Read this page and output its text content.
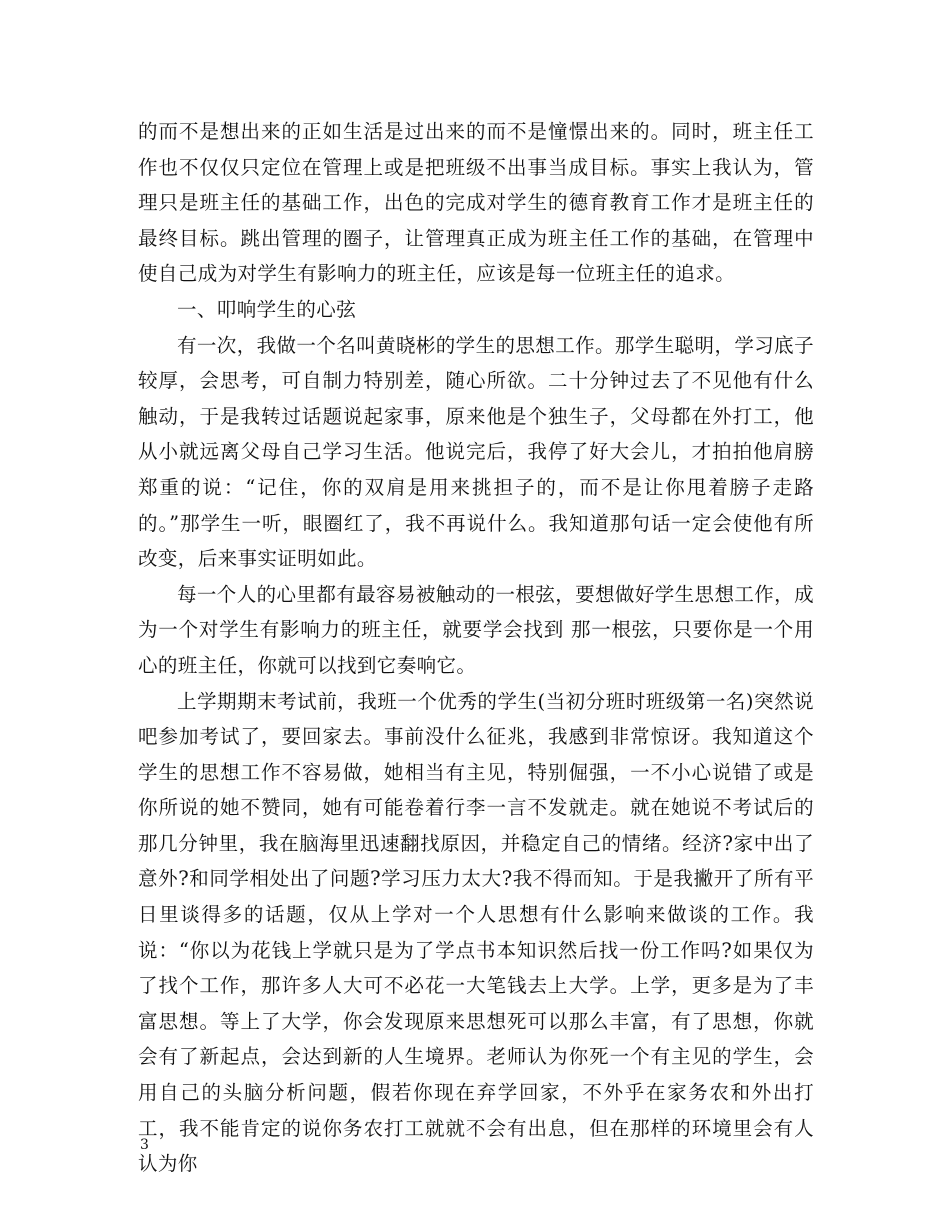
的而不是想出来的正如生活是过出来的而不是憧憬出来的。同时，班主任工作也不仅仅只定位在管理上或是把班级不出事当成目标。事实上我认为，管理只是班主任的基础工作，出色的完成对学生的德育教育工作才是班主任的最终目标。跳出管理的圈子，让管理真正成为班主任工作的基础，在管理中使自己成为对学生有影响力的班主任，应该是每一位班主任的追求。

一、叩响学生的心弦

有一次，我做一个名叫黄晓彬的学生的思想工作。那学生聪明，学习底子较厚，会思考，可自制力特别差，随心所欲。二十分钟过去了不见他有什么触动，于是我转过话题说起家事，原来他是个独生子，父母都在外打工，他从小就远离父母自己学习生活。他说完后，我停了好大会儿，才拍拍他肩膀郑重的说：“记住，你的双肩是用来挑担子的，而不是让你甩着膀子走路的。”那学生一听，眼圈红了，我不再说什么。我知道那句话一定会使他有所改变，后来事实证明如此。

每一个人的心里都有最容易被触动的一根弦，要想做好学生思想工作，成为一个对学生有影响力的班主任，就要学会找到 那一根弦，只要你是一个用心的班主任，你就可以找到它奏响它。

上学期期末考试前，我班一个优秀的学生(当初分班时班级第一名)突然说吧参加考试了，要回家去。事前没什么征兆，我感到非常惊讶。我知道这个学生的思想工作不容易做，她相当有主见，特别倔强，一不小心说错了或是你所说的她不赞同，她有可能卷着行李一言不发就走。就在她说不考试后的那几分钟里，我在脑海里迅速翻找原因，并稳定自己的情绪。经济?家中出了意外?和同学相处出了问题?学习压力太大?我不得而知。于是我撇开了所有平日里谈得多的话题，仅从上学对一个人思想有什么影响来做谈的工作。我说：“你以为花钱上学就只是为了学点书本知识然后找一份工作吗?如果仅为了找个工作，那许多人大可不必花一大笔钱去上大学。上学，更多是为了丰富思想。等上了大学，你会发现原来思想死可以那么丰富，有了思想，你就会有了新起点，会达到新的人生境界。老师认为你死一个有主见的学生，会用自己的头脑分析问题，假若你现在弃学回家，不外乎在家务农和外出打工，我不能肯定的说你务农打工就就不会有出息，但在那样的环境里会有人认为你

3
